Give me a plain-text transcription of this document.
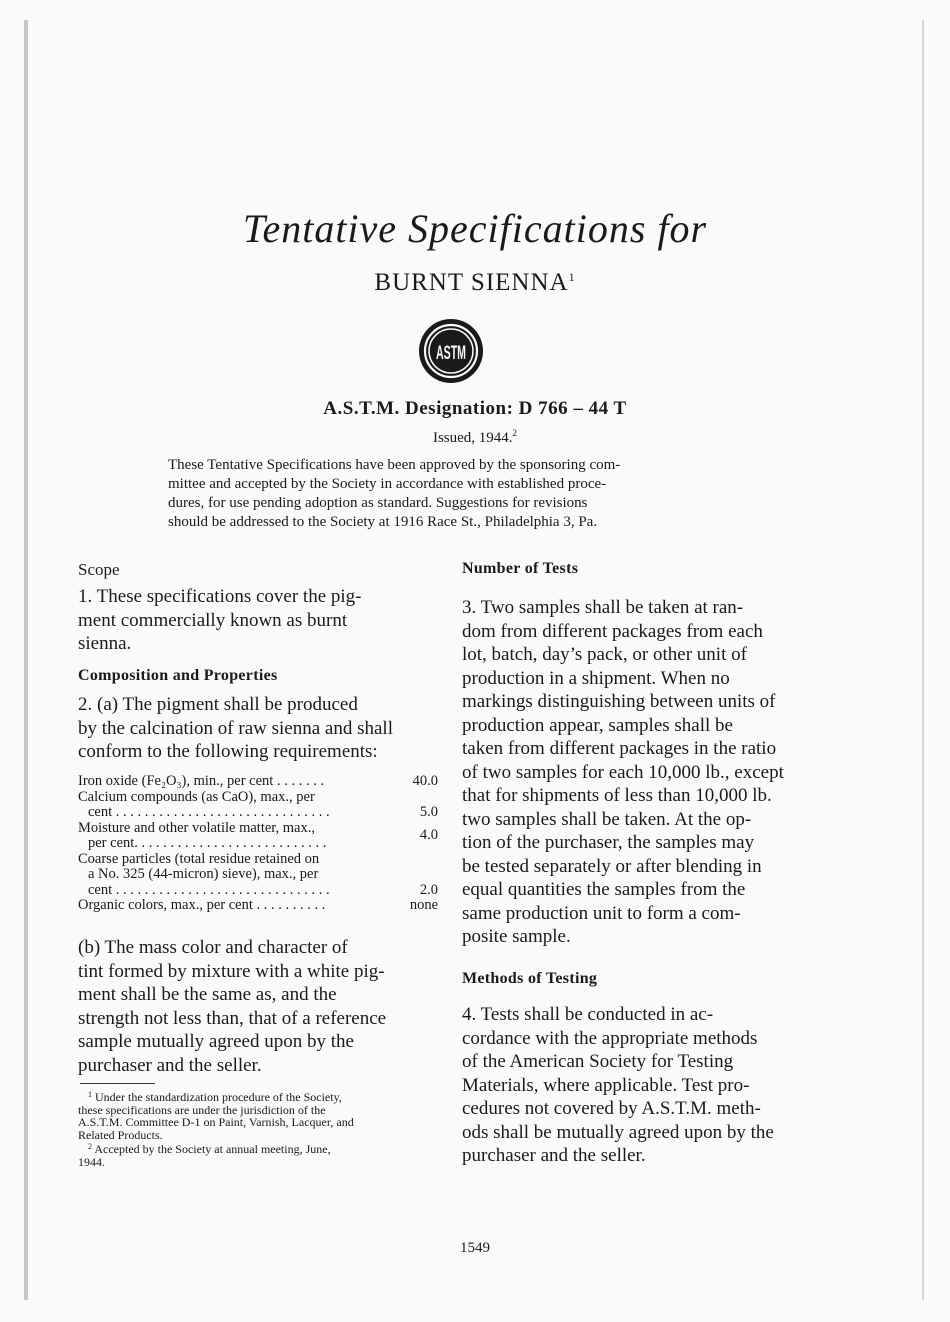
Tentative Specifications for
BURNT SIENNA$^1$
ASTM
A.S.T.M. Designation: D 766 – 44 T
Issued, 1944.$^2$
These Tentative Specifications have been approved by the sponsoring com-
mittee and accepted by the Society in accordance with established proce-
dures, for use pending adoption as standard. Suggestions for revisions
should be addressed to the Society at 1916 Race St., Philadelphia 3, Pa.
Scope
1. These specifications cover the pig-
ment commercially known as burnt
sienna.
Composition and Properties
2. (a) The pigment shall be produced
by the calcination of raw sienna and shall
conform to the following requirements:
Iron oxide (Fe₂O₃), min., per cent . . . . . . .	40.0
Calcium compounds (as CaO), max., per
cent . . . . . . . . . . . . . . . . . . . . . . . . . . . . . .	5.0
Moisture and other volatile matter, max.,
per cent. . . . . . . . . . . . . . . . . . . . . . . . . . .	4.0
Coarse particles (total residue retained on
a No. 325 (44-micron) sieve), max., per
cent . . . . . . . . . . . . . . . . . . . . . . . . . . . . . .	2.0
Organic colors, max., per cent . . . . . . . . . .	none
(b) The mass color and character of
tint formed by mixture with a white pig-
ment shall be the same as, and the
strength not less than, that of a reference
sample mutually agreed upon by the
purchaser and the seller.
$^1$ Under the standardization procedure of the Society,
these specifications are under the jurisdiction of the
A.S.T.M. Committee D-1 on Paint, Varnish, Lacquer, and
Related Products.
$^2$ Accepted by the Society at annual meeting, June,
1944.
Number of Tests
3. Two samples shall be taken at ran-
dom from different packages from each
lot, batch, day’s pack, or other unit of
production in a shipment. When no
markings distinguishing between units of
production appear, samples shall be
taken from different packages in the ratio
of two samples for each 10,000 lb., except
that for shipments of less than 10,000 lb.
two samples shall be taken. At the op-
tion of the purchaser, the samples may
be tested separately or after blending in
equal quantities the samples from the
same production unit to form a com-
posite sample.
Methods of Testing
4. Tests shall be conducted in ac-
cordance with the appropriate methods
of the American Society for Testing
Materials, where applicable. Test pro-
cedures not covered by A.S.T.M. meth-
ods shall be mutually agreed upon by the
purchaser and the seller.
1549
